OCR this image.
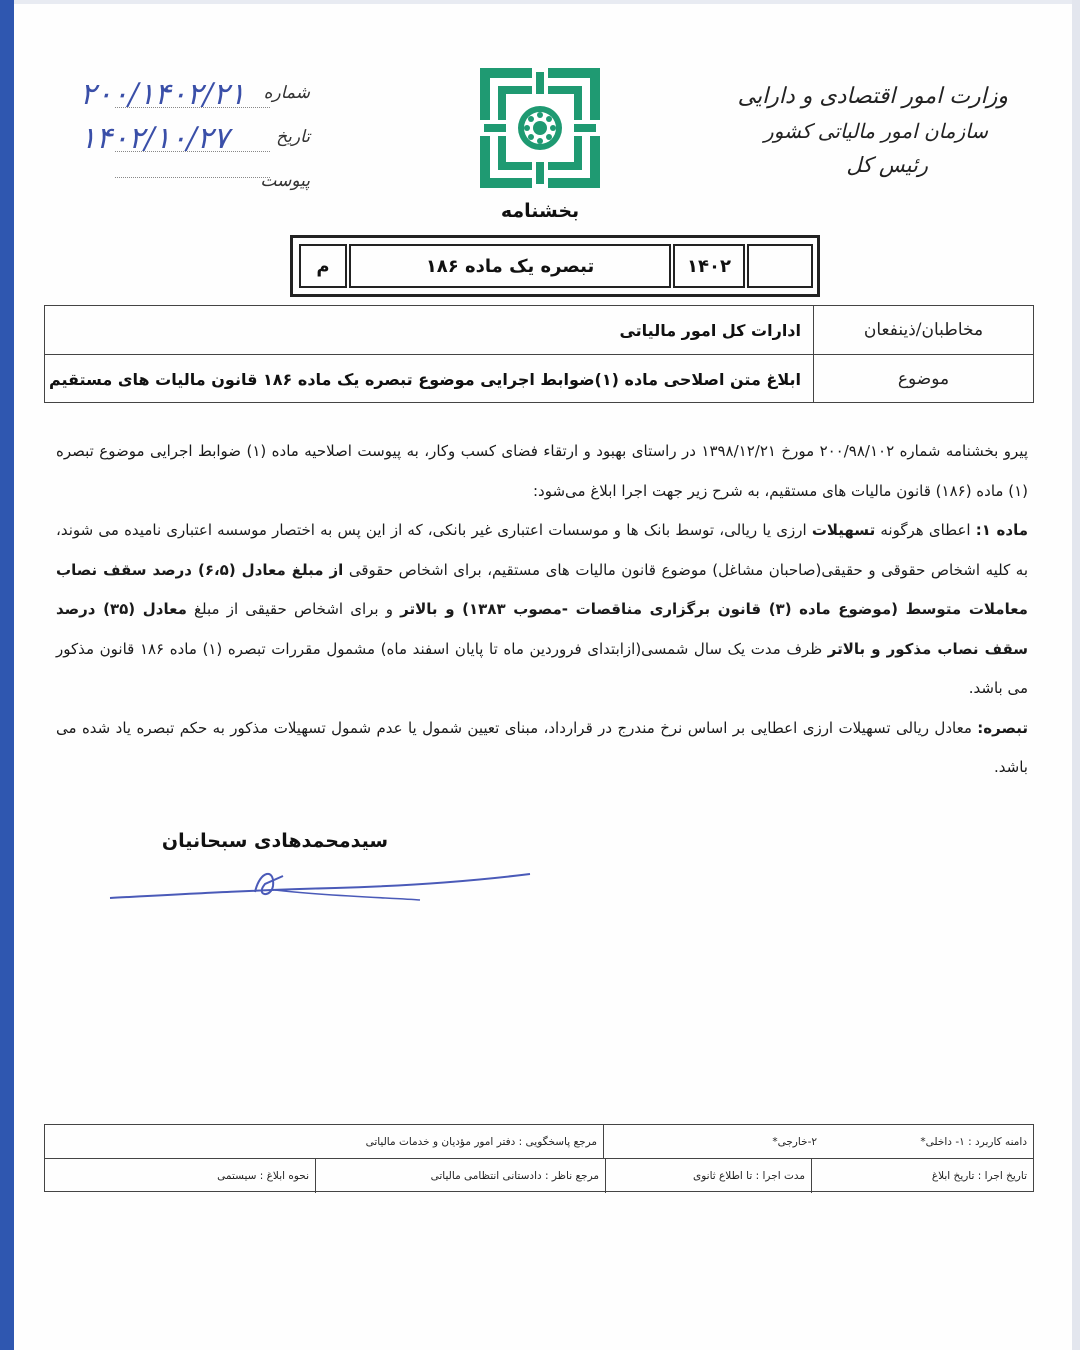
وزارت امور اقتصادی و دارایی
سازمان امور مالیاتی کشور
رئیس کل
بخشنامه
شماره
۲۰۰/۱۴۰۲/۲۱
تاریخ
۱۴۰۲/۱۰/۲۷
پیوست
م	تبصره یک ماده ۱۸۶	۱۴۰۲
مخاطبان/ذینفعان
ادارات کل امور مالیاتی
موضوع
ابلاغ متن اصلاحی ماده (۱)ضوابط اجرایی موضوع تبصره یک ماده ۱۸۶ قانون مالیات های مستقیم

پیرو بخشنامه شماره ۲۰۰/۹۸/۱۰۲ مورخ ۱۳۹۸/۱۲/۲۱ در راستای بهبود و ارتقاء فضای کسب وکار، به پیوست اصلاحیه ماده (۱) ضوابط اجرایی موضوع تبصره (۱) ماده (۱۸۶) قانون مالیات های مستقیم، به شرح زیر جهت اجرا ابلاغ می‌شود:

ماده ۱: اعطای هرگونه تسهیلات ارزی یا ریالی، توسط بانک ها و موسسات اعتباری غیر بانکی، که از این پس به اختصار موسسه اعتباری نامیده می شوند، به کلیه اشخاص حقوقی و حقیقی(صاحبان مشاغل) موضوع قانون مالیات های مستقیم، برای اشخاص حقوقی از مبلغ معادل (۶،۵) درصد سقف نصاب معاملات متوسط (موضوع ماده (۳) قانون برگزاری مناقصات -مصوب ۱۳۸۳) و بالاتر و برای اشخاص حقیقی از مبلغ معادل (۳۵) درصد سقف نصاب مذکور و بالاتر ظرف مدت یک سال شمسی(ازابتدای فروردین ماه تا پایان اسفند ماه) مشمول مقررات تبصره (۱) ماده ۱۸۶ قانون مذکور می باشد.

تبصره: معادل ریالی تسهیلات ارزی اعطایی بر اساس نرخ مندرج در قرارداد، مبنای تعیین شمول یا عدم شمول تسهیلات مذکور به حکم تبصره یاد شده می باشد.

سیدمحمدهادی سبحانیان
دامنه کاربرد : ۱- داخلی*
۲-خارجی*
مرجع پاسخگویی : دفتر امور مؤدیان و خدمات مالیاتی
تاریخ اجرا : تاریخ ابلاغ
مدت اجرا : تا اطلاع ثانوی
مرجع ناظر : دادستانی انتظامی مالیاتی
نحوه ابلاغ : سیستمی
